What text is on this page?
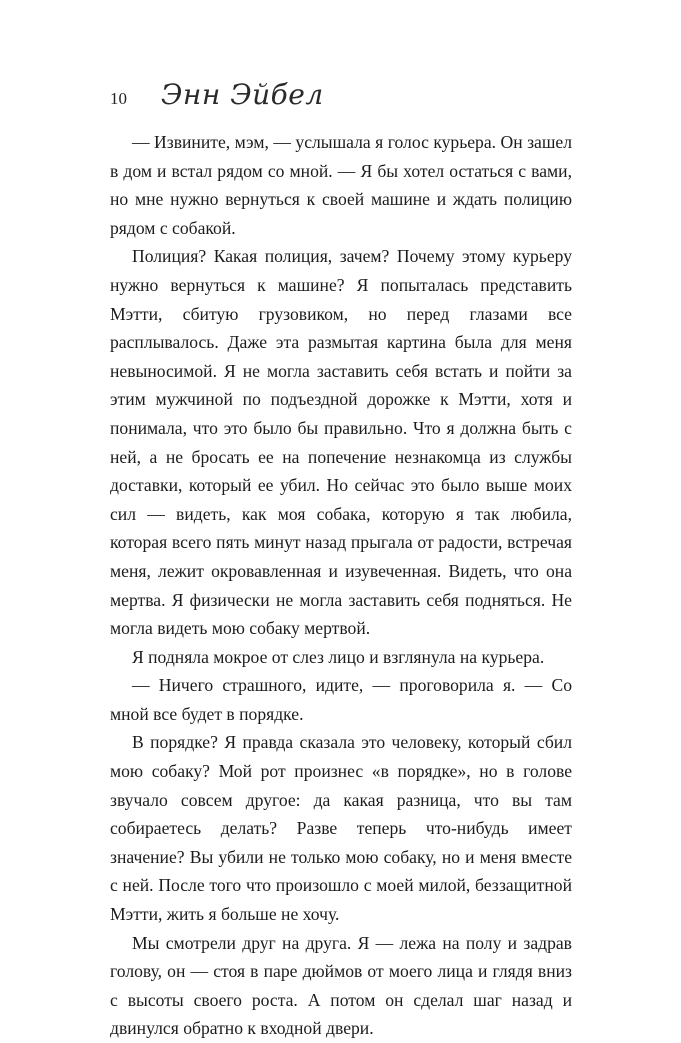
10 Энн Эйбел

— Извините, мэм, — услышала я голос курьера. Он зашел в дом и встал рядом со мной. — Я бы хотел остаться с вами, но мне нужно вернуться к своей машине и ждать полицию рядом с собакой.

Полиция? Какая полиция, зачем? Почему этому курьеру нужно вернуться к машине? Я попыталась представить Мэтти, сбитую грузовиком, но перед глазами все расплывалось. Даже эта размытая картина была для меня невыносимой. Я не могла заставить себя встать и пойти за этим мужчиной по подъездной дорожке к Мэтти, хотя и понимала, что это было бы правильно. Что я должна быть с ней, а не бросать ее на попечение незнакомца из службы доставки, который ее убил. Но сейчас это было выше моих сил — видеть, как моя собака, которую я так любила, которая всего пять минут назад прыгала от радости, встречая меня, лежит окровавленная и изувеченная. Видеть, что она мертва. Я физически не могла заставить себя подняться. Не могла видеть мою собаку мертвой.

Я подняла мокрое от слез лицо и взглянула на курьера.

— Ничего страшного, идите, — проговорила я. — Со мной все будет в порядке.

В порядке? Я правда сказала это человеку, который сбил мою собаку? Мой рот произнес «в порядке», но в голове звучало совсем другое: да какая разница, что вы там собираетесь делать? Разве теперь что-нибудь имеет значение? Вы убили не только мою собаку, но и меня вместе с ней. После того что произошло с моей милой, беззащитной Мэтти, жить я больше не хочу.

Мы смотрели друг на друга. Я — лежа на полу и задрав голову, он — стоя в паре дюймов от моего лица и глядя вниз с высоты своего роста. А потом он сделал шаг назад и двинулся обратно к входной двери.
